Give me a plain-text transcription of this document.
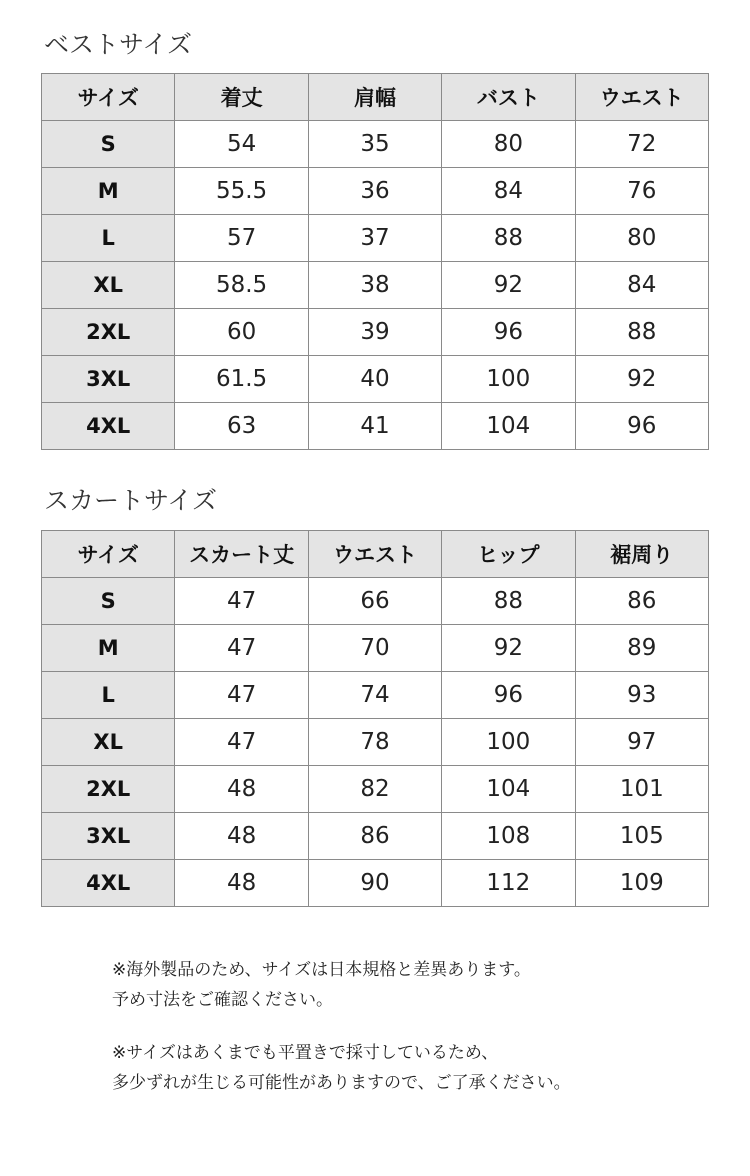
ベストサイズ
サイズ	着丈	肩幅	バスト	ウエスト
S	54	35	80	72
M	55.5	36	84	76
L	57	37	88	80
XL	58.5	38	92	84
2XL	60	39	96	88
3XL	61.5	40	100	92
4XL	63	41	104	96
スカートサイズ
サイズ	スカート丈	ウエスト	ヒップ	裾周り
S	47	66	88	86
M	47	70	92	89
L	47	74	96	93
XL	47	78	100	97
2XL	48	82	104	101
3XL	48	86	108	105
4XL	48	90	112	109

※海外製品のため、サイズは日本規格と差異あります。

予め寸法をご確認ください。

※サイズはあくまでも平置きで採寸しているため、

多少ずれが生じる可能性がありますので、ご了承ください。
